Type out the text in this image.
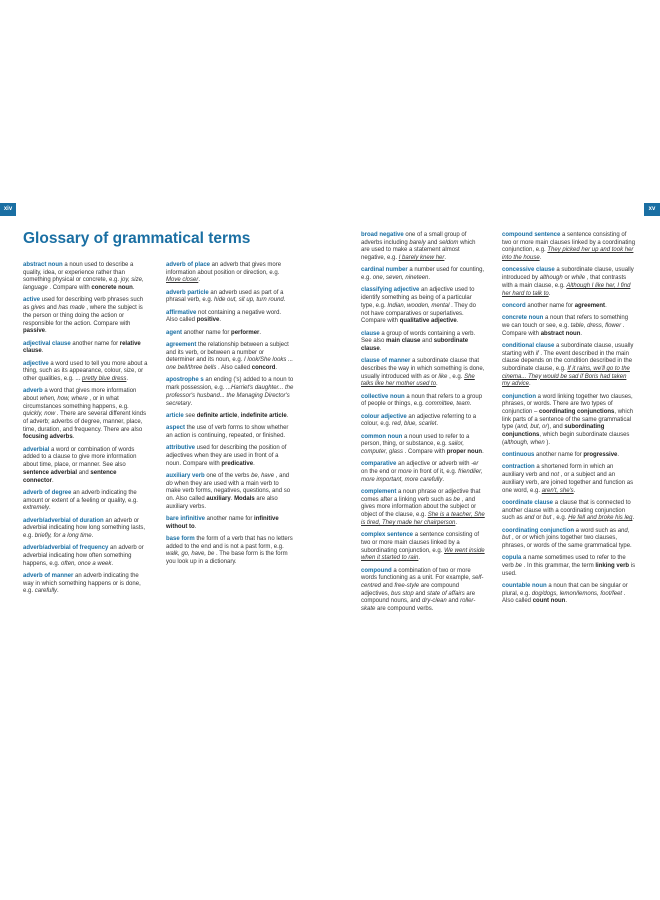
xiv	xv
Glossary of grammatical terms

abstract noun a noun used to describe a quality, idea, or experience rather than something physical or concrete, e.g. joy, size, language . Compare with concrete noun.

active used for describing verb phrases such as gives and has made , where the subject is the person or thing doing the action or responsible for the action. Compare with passive.

adjectival clause another name for relative clause.

adjective a word used to tell you more about a thing, such as its appearance, colour, size, or other qualities, e.g. ... pretty blue dress.

adverb a word that gives more information about when, how, where , or in what circumstances something happens, e.g. quickly, now . There are several different kinds of adverb; adverbs of degree, manner, place, time, duration, and frequency. There are also focusing adverbs.

adverbial a word or combination of words added to a clause to give more information about time, place, or manner. See also sentence adverbial and sentence connector.

adverb of degree an adverb indicating the amount or extent of a feeling or quality, e.g. extremely.

adverb/adverbial of duration an adverb or adverbial indicating how long something lasts, e.g. briefly, for a long time.

adverb/adverbial of frequency an adverb or adverbial indicating how often something happens, e.g. often, once a week.

adverb of manner an adverb indicating the way in which something happens or is done, e.g. carefully.

adverb of place an adverb that gives more information about position or direction, e.g. Move closer.

adverb particle an adverb used as part of a phrasal verb, e.g. hide out, sit up, turn round.

affirmative not containing a negative word. Also called positive.

agent another name for performer.

agreement the relationship between a subject and its verb, or between a number or determiner and its noun, e.g. I look/She looks ... one bell/three bells . Also called concord.

apostrophe s an ending ('s) added to a noun to mark possession, e.g. ...Harriet's daughter... the professor's husband... the Managing Director's secretary.

article see definite article, indefinite article.

aspect the use of verb forms to show whether an action is continuing, repeated, or finished.

attributive used for describing the position of adjectives when they are used in front of a noun. Compare with predicative.

auxiliary verb one of the verbs be, have , and do when they are used with a main verb to make verb forms, negatives, questions, and so on. Also called auxiliary. Modals are also auxiliary verbs.

bare infinitive another name for infinitive without to.

base form the form of a verb that has no letters added to the end and is not a past form, e.g. walk, go, have, be . The base form is the form you look up in a dictionary.

broad negative one of a small group of adverbs including barely and seldom which are used to make a statement almost negative, e.g. I barely knew her.

cardinal number a number used for counting, e.g. one, seven, nineteen.

classifying adjective an adjective used to identify something as being of a particular type, e.g. Indian, wooden, mental . They do not have comparatives or superlatives. Compare with qualitative adjective.

clause a group of words containing a verb. See also main clause and subordinate clause.

clause of manner a subordinate clause that describes the way in which something is done, usually introduced with as or like , e.g. She talks like her mother used to.

collective noun a noun that refers to a group of people or things, e.g. committee, team.

colour adjective an adjective referring to a colour, e.g. red, blue, scarlet.

common noun a noun used to refer to a person, thing, or substance, e.g. sailor, computer, glass . Compare with proper noun.

comparative an adjective or adverb with -er on the end or more in front of it, e.g. friendlier, more important, more carefully.

complement a noun phrase or adjective that comes after a linking verb such as be , and gives more information about the subject or object of the clause, e.g. She is a teacher, She is tired, They made her chairperson.

complex sentence a sentence consisting of two or more main clauses linked by a subordinating conjunction, e.g. We went inside when it started to rain.

compound a combination of two or more words functioning as a unit. For example, self-centred and free-style are compound adjectives, bus stop and state of affairs are compound nouns, and dry-clean and roller-skate are compound verbs.

compound sentence a sentence consisting of two or more main clauses linked by a coordinating conjunction, e.g. They picked her up and took her into the house.

concessive clause a subordinate clause, usually introduced by although or while , that contrasts with a main clause, e.g. Although I like her, I find her hard to talk to.

concord another name for agreement.

concrete noun a noun that refers to something we can touch or see, e.g. table, dress, flower . Compare with abstract noun.

conditional clause a subordinate clause, usually starting with if . The event described in the main clause depends on the condition described in the subordinate clause, e.g. If it rains, we'll go to the cinema... They would be sad if Boris had taken my advice.

conjunction a word linking together two clauses, phrases, or words. There are two types of conjunction – coordinating conjunctions, which link parts of a sentence of the same grammatical type (and, but, or), and subordinating conjunctions, which begin subordinate clauses (although, when ).

continuous another name for progressive.

contraction a shortened form in which an auxiliary verb and not , or a subject and an auxiliary verb, are joined together and function as one word, e.g. aren't, she's.

coordinate clause a clause that is connected to another clause with a coordinating conjunction such as and or but , e.g. He fell and broke his leg.

coordinating conjunction a word such as and, but , or or which joins together two clauses, phrases, or words of the same grammatical type.

copula a name sometimes used to refer to the verb be . In this grammar, the term linking verb is used.

countable noun a noun that can be singular or plural, e.g. dog/dogs, lemon/lemons, foot/feet . Also called count noun.
